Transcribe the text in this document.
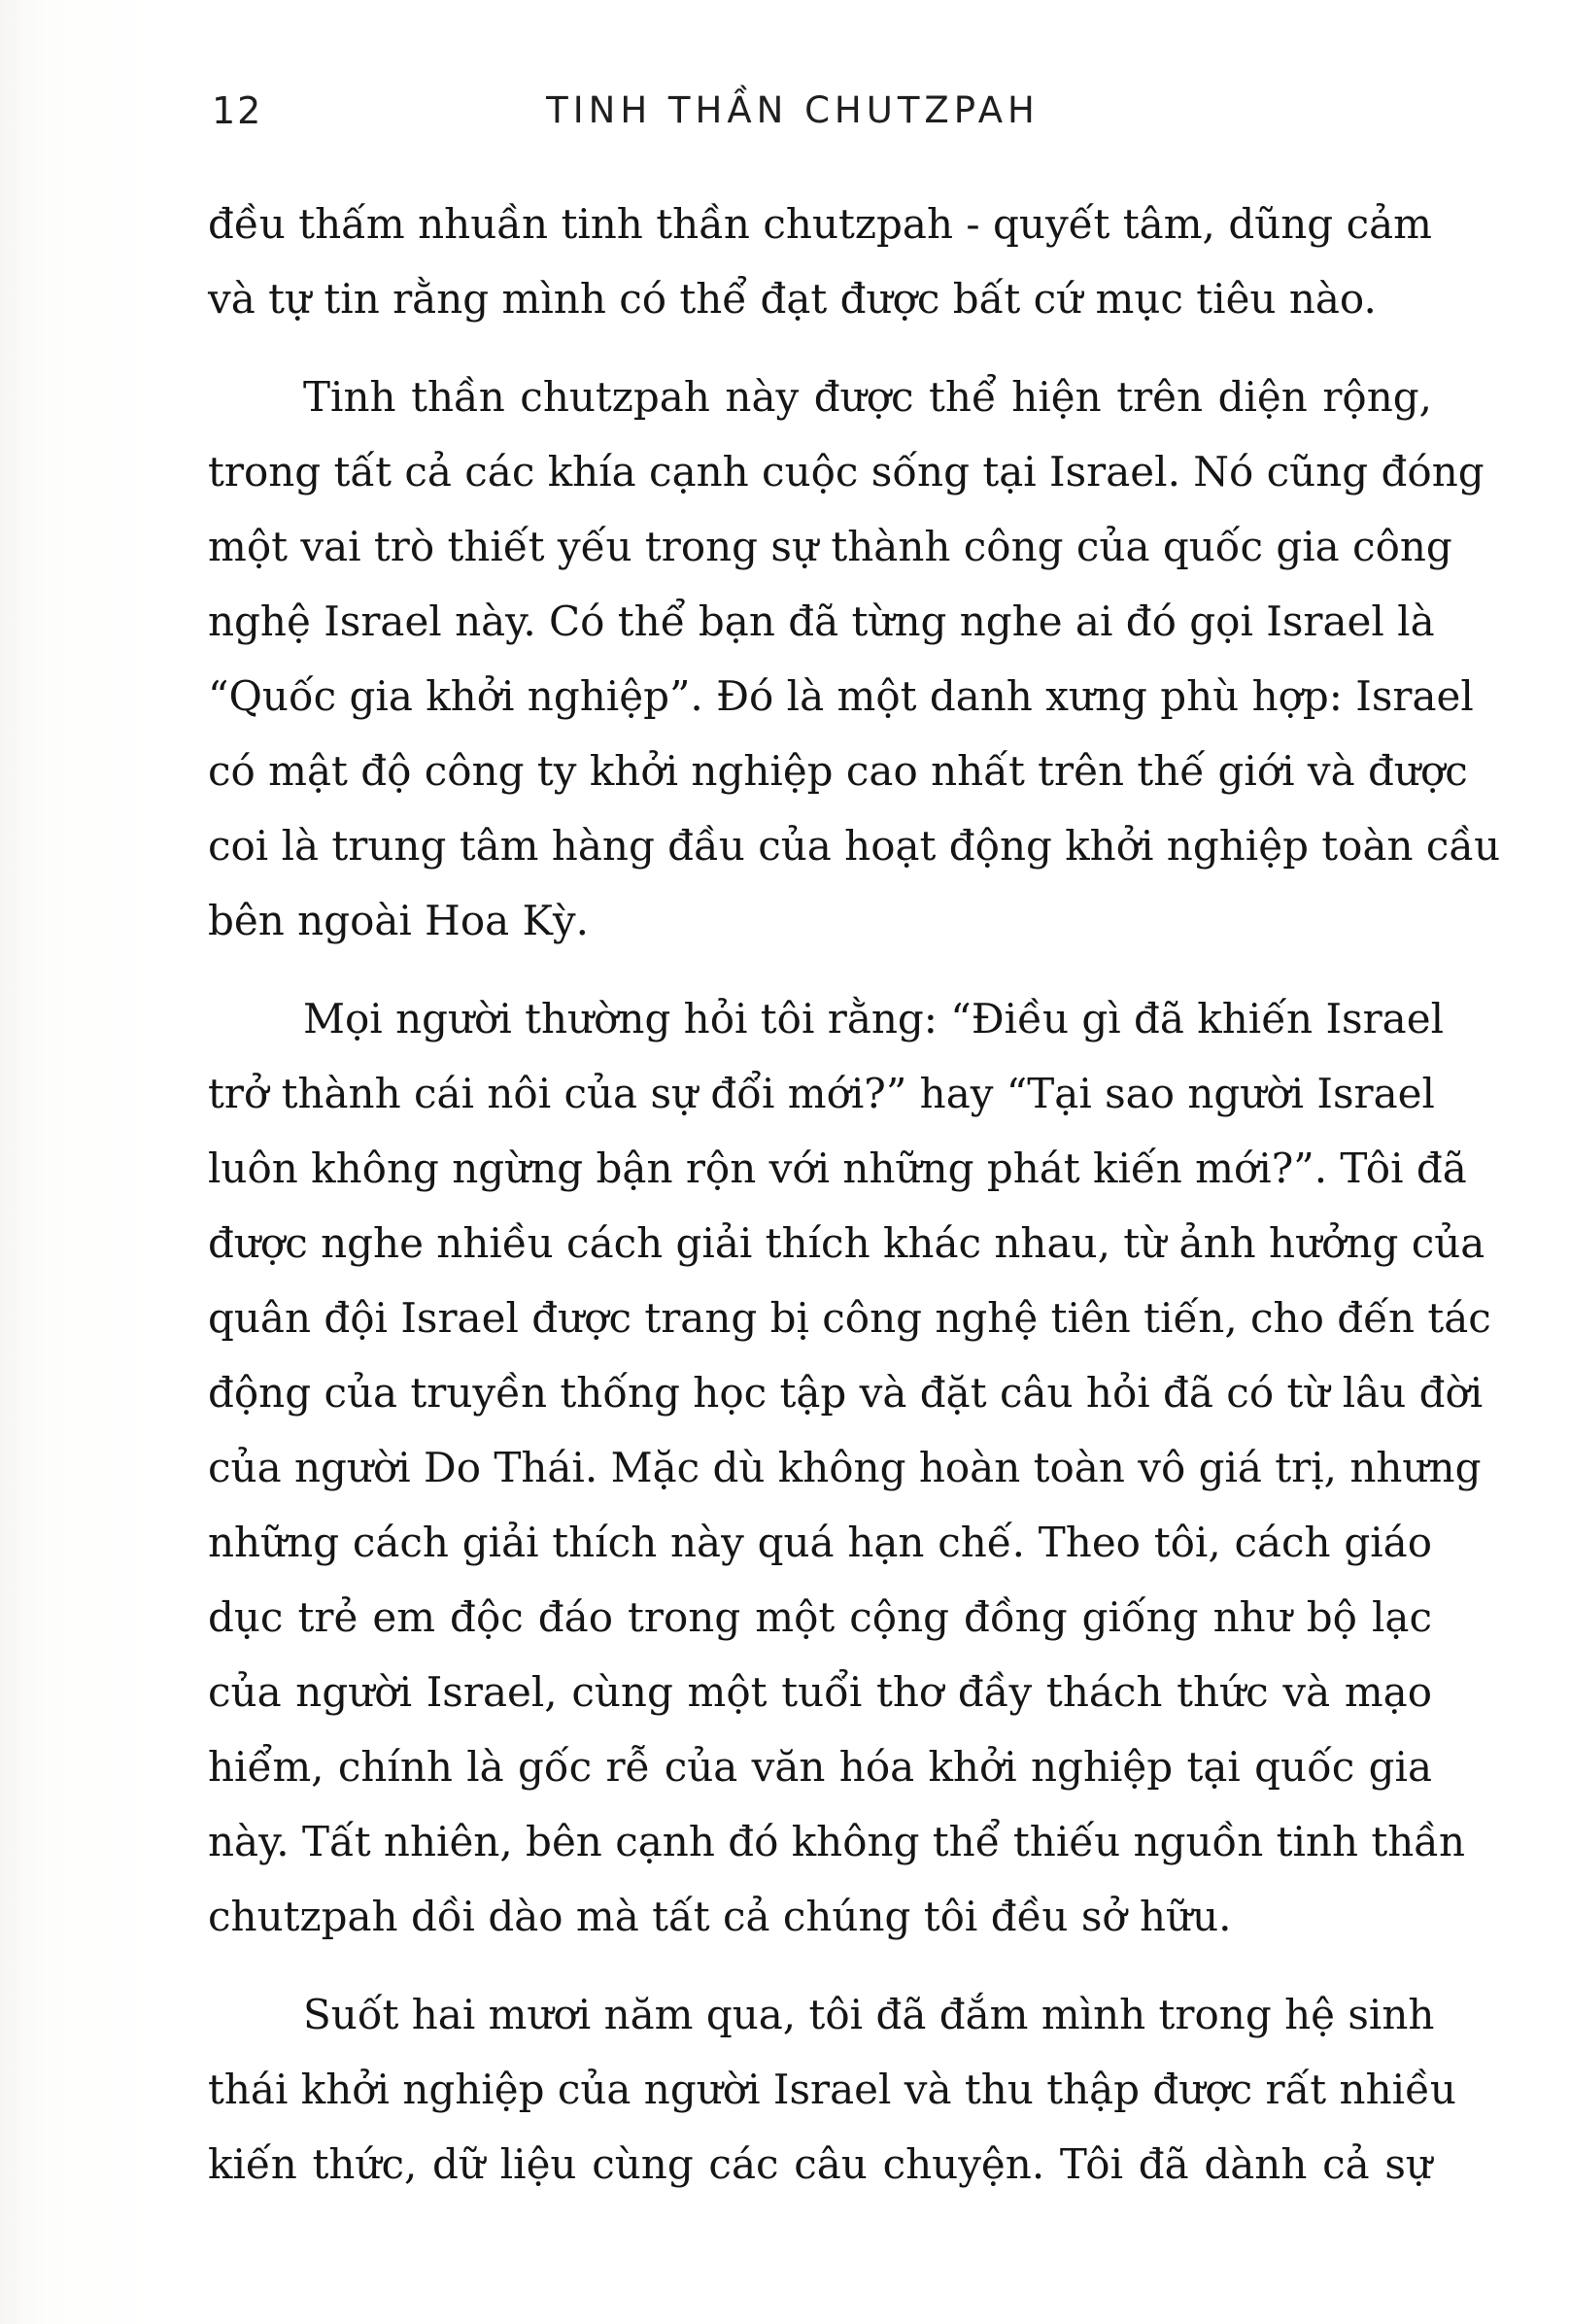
12	TINH THẦN CHUTZPAH
đều thấm nhuần tinh thần chutzpah - quyết tâm, dũng cảm
và tự tin rằng mình có thể đạt được bất cứ mục tiêu nào.
Tinh thần chutzpah này được thể hiện trên diện rộng,
trong tất cả các khía cạnh cuộc sống tại Israel. Nó cũng đóng
một vai trò thiết yếu trong sự thành công của quốc gia công
nghệ Israel này. Có thể bạn đã từng nghe ai đó gọi Israel là
“Quốc gia khởi nghiệp”. Đó là một danh xưng phù hợp: Israel
có mật độ công ty khởi nghiệp cao nhất trên thế giới và được
coi là trung tâm hàng đầu của hoạt động khởi nghiệp toàn cầu
bên ngoài Hoa Kỳ.
Mọi người thường hỏi tôi rằng: “Điều gì đã khiến Israel
trở thành cái nôi của sự đổi mới?” hay “Tại sao người Israel
luôn không ngừng bận rộn với những phát kiến mới?”. Tôi đã
được nghe nhiều cách giải thích khác nhau, từ ảnh hưởng của
quân đội Israel được trang bị công nghệ tiên tiến, cho đến tác
động của truyền thống học tập và đặt câu hỏi đã có từ lâu đời
của người Do Thái. Mặc dù không hoàn toàn vô giá trị, nhưng
những cách giải thích này quá hạn chế. Theo tôi, cách giáo
dục trẻ em độc đáo trong một cộng đồng giống như bộ lạc
của người Israel, cùng một tuổi thơ đầy thách thức và mạo
hiểm, chính là gốc rễ của văn hóa khởi nghiệp tại quốc gia
này. Tất nhiên, bên cạnh đó không thể thiếu nguồn tinh thần
chutzpah dồi dào mà tất cả chúng tôi đều sở hữu.
Suốt hai mươi năm qua, tôi đã đắm mình trong hệ sinh
thái khởi nghiệp của người Israel và thu thập được rất nhiều
kiến thức, dữ liệu cùng các câu chuyện. Tôi đã dành cả sự
